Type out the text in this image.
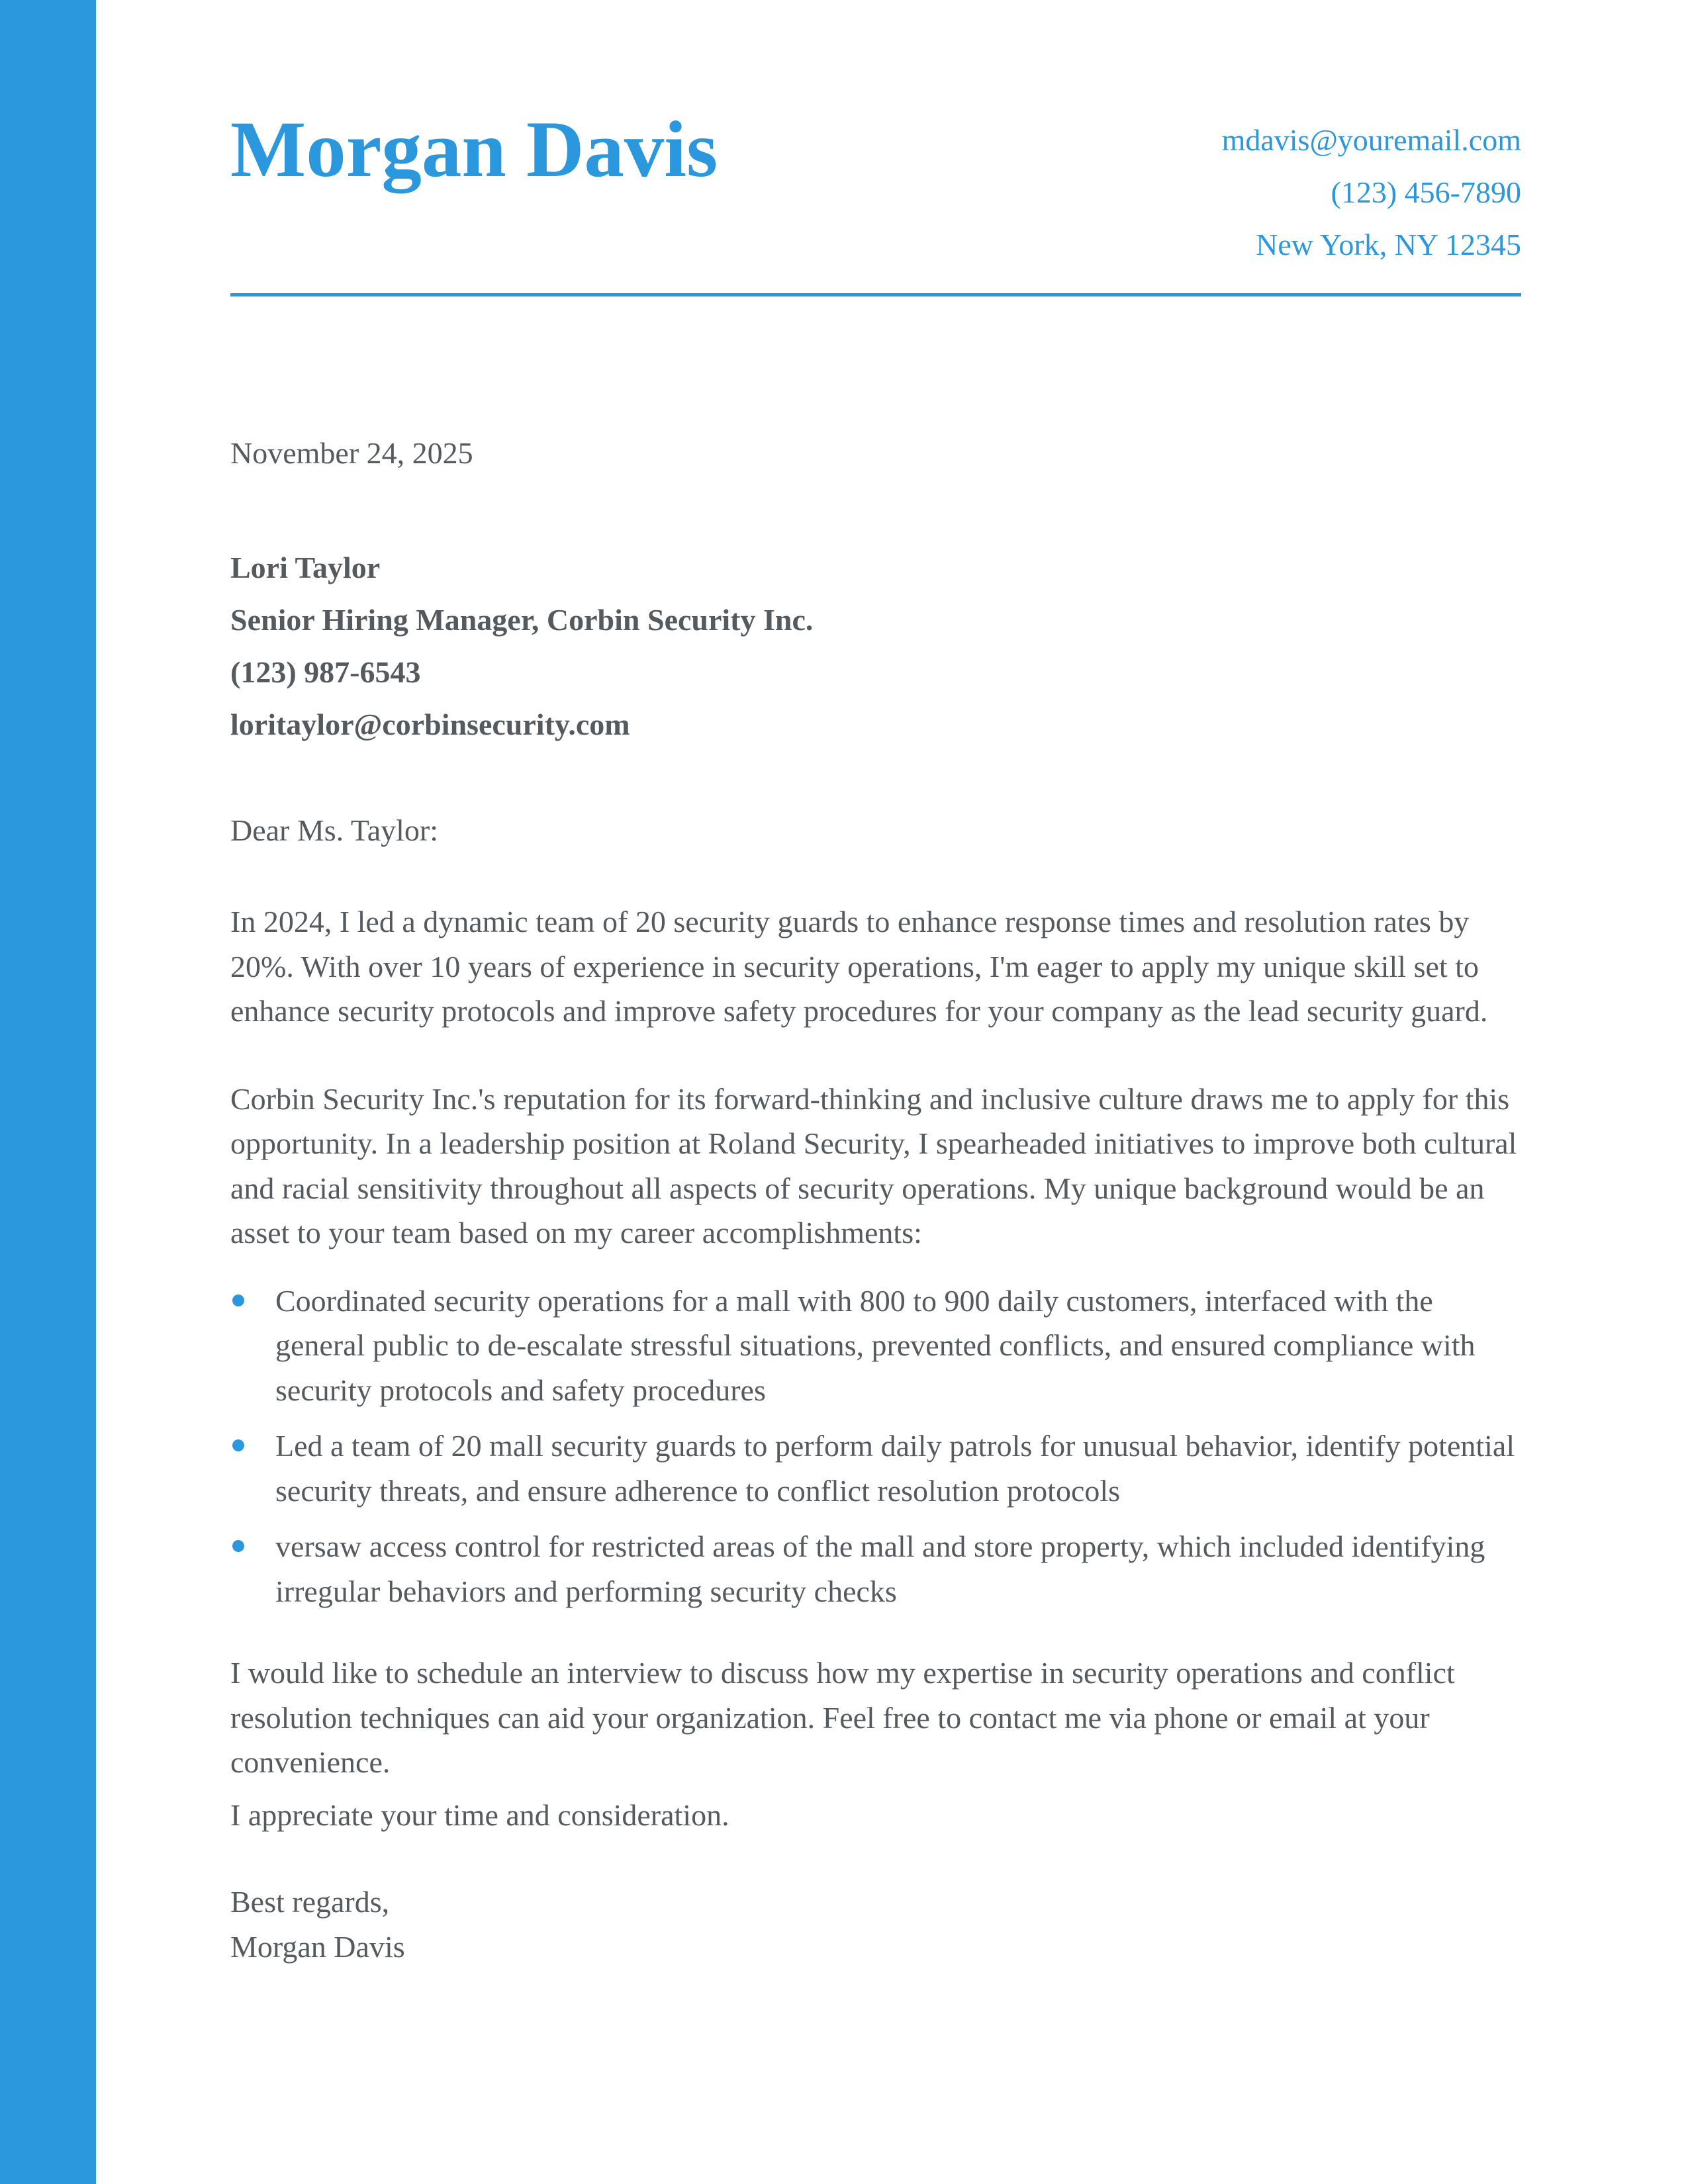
Morgan Davis	mdavis@youremail.com
(123) 456-7890
New York, NY 12345
November 24, 2025
Lori Taylor
Senior Hiring Manager, Corbin Security Inc.
(123) 987-6543
loritaylor@corbinsecurity.com
Dear Ms. Taylor:

In 2024, I led a dynamic team of 20 security guards to enhance response times and resolution rates by 20%. With over 10 years of experience in security operations, I'm eager to apply my unique skill set to enhance security protocols and improve safety procedures for your company as the lead security guard.

Corbin Security Inc.'s reputation for its forward-thinking and inclusive culture draws me to apply for this opportunity. In a leadership position at Roland Security, I spearheaded initiatives to improve both cultural and racial sensitivity throughout all aspects of security operations. My unique background would be an asset to your team based on my career accomplishments:

Coordinated security operations for a mall with 800 to 900 daily customers, interfaced with the general public to de-escalate stressful situations, prevented conflicts, and ensured compliance with security protocols and safety procedures
Led a team of 20 mall security guards to perform daily patrols for unusual behavior, identify potential security threats, and ensure adherence to conflict resolution protocols
versaw access control for restricted areas of the mall and store property, which included identifying irregular behaviors and performing security checks

I would like to schedule an interview to discuss how my expertise in security operations and conflict resolution techniques can aid your organization. Feel free to contact me via phone or email at your convenience.

I appreciate your time and consideration.

Best regards,
Morgan Davis
